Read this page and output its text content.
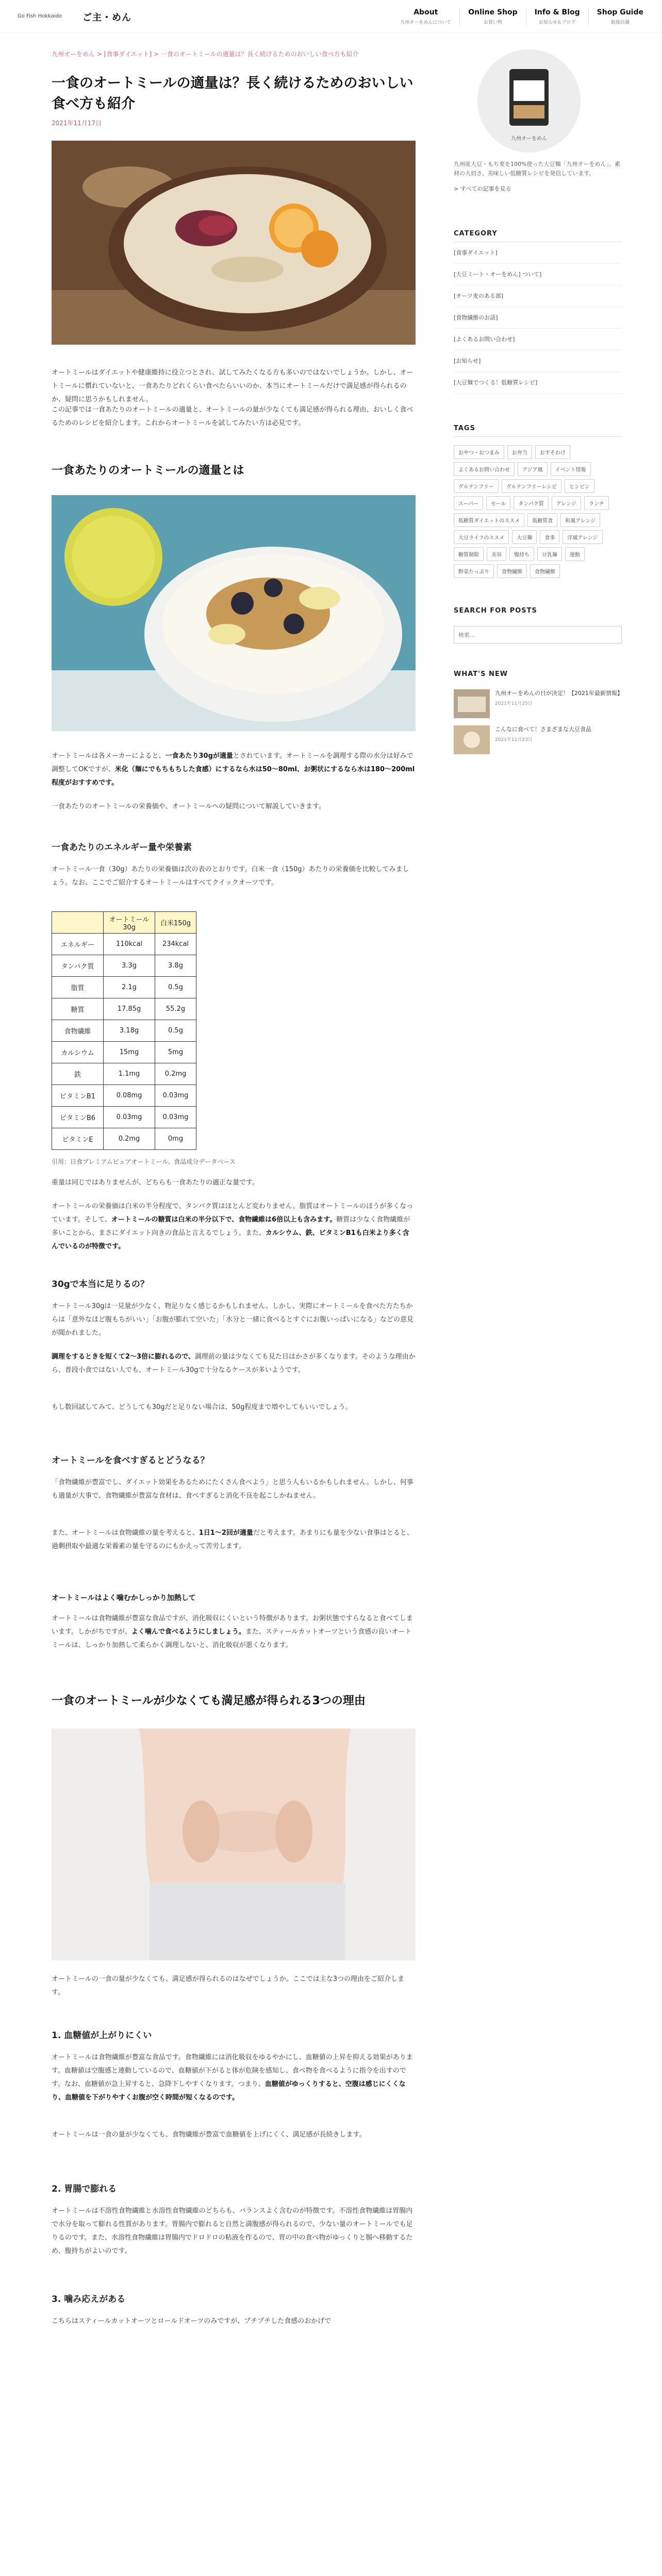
Go Fish Hokkaido ご主・めん	About
九州オーをめんについて
Online Shop
お買い物
Info & Blog
お知らせ＆ブログ
Shop Guide
取扱店舗
九州オーをめん > [食事ダイエット] > 一食のオートミールの適量は？長く続けるためのおいしい食べ方も紹介
一食のオートミールの適量は？長く続けるためのおいしい食べ方も紹介
2021年11月17日

オートミールはダイエットや健康維持に役立つとされ、試してみたくなる方も多いのではないでしょうか。しかし、オートミールに慣れていないと、一食あたりどれくらい食べたらいいのか、本当にオートミールだけで満足感が得られるのか、疑問に思うかもしれません。

この記事では一食あたりのオートミールの適量と、オートミールの量が少なくても満足感が得られる理由、おいしく食べるためのレシピを紹介します。これからオートミールを試してみたい方は必見です。

一食あたりのオートミールの適量とは

オートミールは各メーカーによると、一食あたり30gが適量とされています。オートミールを調理する際の水分は好みで調整してOKですが、米化（麺にでもちもちした食感）にするなら水は50〜80ml、お粥状にするなら水は180〜200ml程度がおすすめです。

一食あたりのオートミールの栄養価や、オートミールへの疑問について解説していきます。

一食あたりのエネルギー量や栄養素

オートミール一食（30g）あたりの栄養価は次の表のとおりです。白米一食（150g）あたりの栄養価を比較してみましょう。なお、ここでご紹介するオートミールはすべてクイックオーツです。

	オートミール30g	白米150g
エネルギー	110kcal	234kcal
タンパク質	3.3g	3.8g
脂質	2.1g	0.5g
糖質	17.85g	55.2g
食物繊維	3.18g	0.5g
カルシウム	15mg	5mg
鉄	1.1mg	0.2mg
ビタミンB1	0.08mg	0.03mg
ビタミンB6	0.03mg	0.03mg
ビタミンE	0.2mg	0mg

引用：日食プレミアムピュアオートミール、食品成分データベース

重量は同じではありませんが、どちらも一食あたりの適正な量です。

オートミールの栄養価は白米の半分程度で、タンパク質はほとんど変わりません。脂質はオートミールのほうが多くなっています。そして、オートミールの糖質は白米の半分以下で、食物繊維は6倍以上も含みます。糖質は少なく食物繊維が多いことから、まさにダイエット向きの食品と言えるでしょう。また、カルシウム、鉄、ビタミンB1も白米より多く含んでいるのが特徴です。

30gで本当に足りるの？

オートミール30gは一見量が少なく、物足りなく感じるかもしれません。しかし、実際にオートミールを食べた方たちからは「意外なほど腹もちがいい」「お腹が膨れて空いた」「水分と一緒に食べるとすぐにお腹いっぱいになる」などの意見が聞かれました。

調理をするときを短くて2〜3倍に膨れるので、調理前の量は少なくても見た目はかさが多くなります。そのような理由から、普段小食ではない人でも、オートミール30gで十分なるケースが多いようです。

もし数回試してみて、どうしても30gだと足りない場合は、50g程度まで増やしてもいいでしょう。

オートミールを食べすぎるとどうなる？

「食物繊維が豊富でし、ダイエット効果をあるためにたくさん食べよう」と思う人もいるかもしれません。しかし、何事も適量が大事で、食物繊維が豊富な食材は、食べすぎると消化不良を起こしかねません。

また、オートミールは食物繊維の量を考えると、1日1〜2回が適量だと考えます。あまりにも量を少ない食事はとると、過剰摂取や最適な栄養素の量を守るのにもかえって苦労します。

オートミールはよく噛むかしっかり加熱して

オートミールは食物繊維が豊富な食品ですが、消化吸収にくいという特徴があります。お粥状態ですらなると食べてしまいます。しかがちですが、よく噛んで食べるようにしましょう。また、スティールカットオーツという食感の良いオートミールは、しっかり加熱して柔らかく調理しないと、消化吸収が悪くなります。

一食のオートミールが少なくても満足感が得られる3つの理由

オートミールの一食の量が少なくても、満足感が得られるのはなぜでしょうか。ここでは主な3つの理由をご紹介します。

1. 血糖値が上がりにくい

オートミールは食物繊維が豊富な食品です。食物繊維には消化吸収をゆるやかにし、血糖値の上昇を抑える効果があります。血糖値は空腹感と連動しているので、血糖値が下がると体が危険を感知し、食べ物を食べるように指令を出すのです。なお、血糖値が急上昇すると、急降下しやすくなります。つまり、血糖値がゆっくりすると、空腹は感じにくくなり、血糖値を下がりやすくお腹が空く時間が短くなるのです。

オートミールは一食の量が少なくても、食物繊維が豊富で血糖値を上げにくく、満足感が長続きします。

2. 胃腸で膨れる

オートミールは不溶性食物繊維と水溶性食物繊維のどちらも、バランスよく含むのが特徴です。不溶性食物繊維は胃腸内で水分を取って膨れる性質があります。胃腸内で膨れると自然と満腹感が得られるので、少ない量のオートミールでも足りるのです。また、水溶性食物繊維は胃腸内でドロドロの粘液を作るので、胃の中の食べ物がゆっくりと腸へ移動するため、腹持ちがよいのです。

3. 噛み応えがある

こちらはスティールカットオーツとロールドオーツのみですが、プチプチした食感のおかげで

九州オーをめん

九州産大豆・もち麦を100%使った大豆麺「九州オーをめん」。素材の大切さ、美味しい低糖質レシピを発信しています。

> すべての記事を見る
CATEGORY
[食事ダイエット]
[大豆ミート・オーをめん] ついて]
[オーツ麦のある部]
[食物繊維のお話]
[よくあるお問い合わせ]
[お知らせ]
[大豆麺でつくる！低糖質レシピ]
TAGS
おやつ・おつまみ	お弁当	おすそわけ
よくあるお問い合わせ	アジア風	イベント情報
グルテンフリー	グルテンフリーレシピ	ヒンビン
スーパー	セール	タンパク質	アレンジ	ランチ
低糖質ダイエットのススメ	低糖質食	和風アレンジ
大豆ライフのススメ	大豆麺	食事	洋風アレンジ
糖質制限	美容	腹持ち	豆乳麺	運動
野菜たっぷり	食物繊維	食物繊維
SEARCH FOR POSTS
検索...
WHAT'S NEW
九州オーをめんの日が決定！【2021年最新情報】
2021年11月25日
こんなに食べて！さまざまな大豆食品
2021年11月23日
